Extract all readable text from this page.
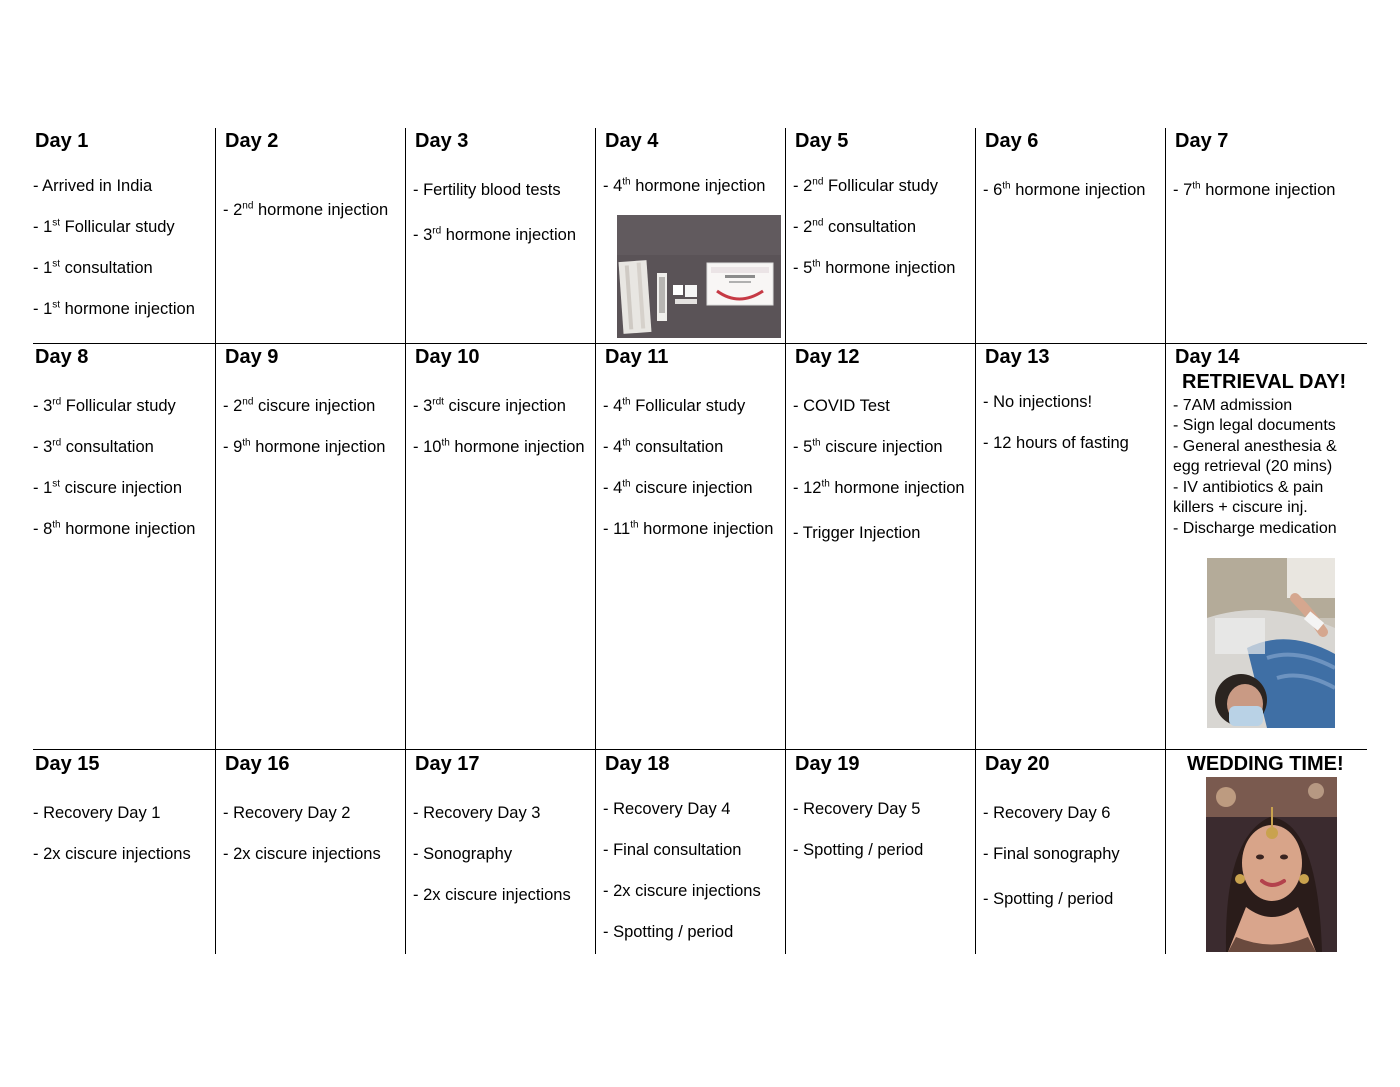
Day 1
- Arrived in India
- 1st Follicular study
- 1st consultation
- 1st hormone injection
Day 2
- 2nd hormone injection
Day 3
- Fertility blood tests
- 3rd hormone injection
Day 4
- 4th hormone injection
Day 5
- 2nd Follicular study
- 2nd consultation
- 5th hormone injection
Day 6
- 6th hormone injection
Day 7
- 7th hormone injection
Day 8
- 3rd Follicular study
- 3rd consultation
- 1st ciscure injection
- 8th hormone injection
Day 9
- 2nd ciscure injection
- 9th hormone injection
Day 10
- $3^{rdt}$ ciscure injection
- 10th hormone injection
Day 11
- 4th Follicular study
- 4th consultation
- 4th ciscure injection
- 11th hormone injection
Day 12
- COVID Test
- 5th ciscure injection
- 12th hormone injection
- Trigger Injection
Day 13
- No injections!
- 12 hours of fasting
Day 14
RETRIEVAL DAY!
- 7AM admission
- Sign legal documents
- General anesthesia &
egg retrieval (20 mins)
- IV antibiotics & pain
killers + ciscure inj.
- Discharge medication
Day 15
- Recovery Day 1
- 2x ciscure injections
Day 16
- Recovery Day 2
- 2x ciscure injections
Day 17
- Recovery Day 3
- Sonography
- 2x ciscure injections
Day 18
- Recovery Day 4
- Final consultation
- 2x ciscure injections
- Spotting / period
Day 19
- Recovery Day 5
- Spotting / period
Day 20
- Recovery Day 6
- Final sonography
- Spotting / period
WEDDING TIME!
